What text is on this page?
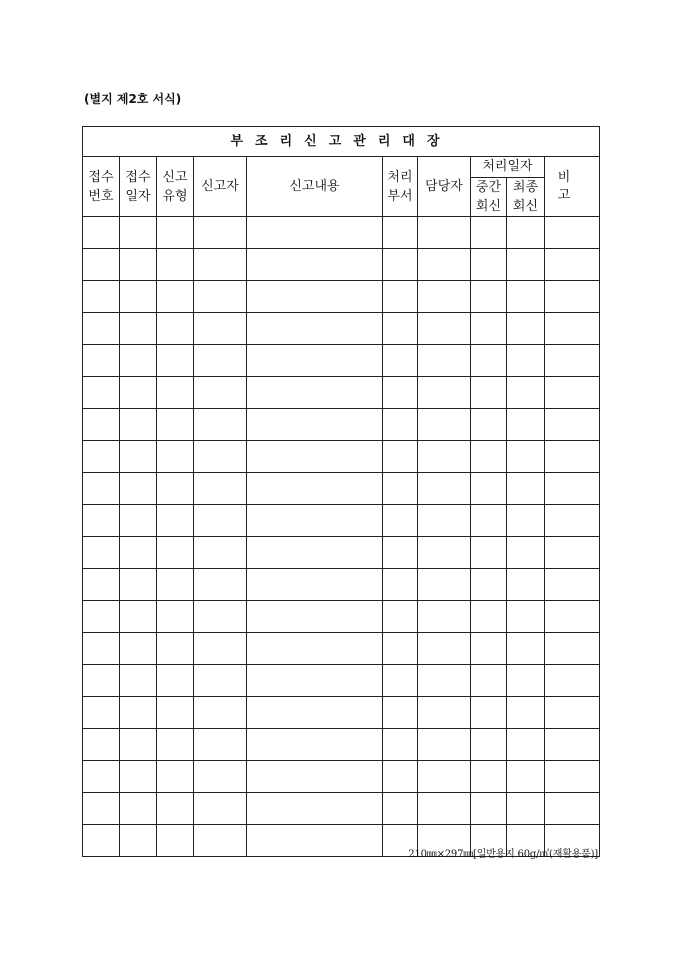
(별지 제2호 서식)
부조리신고관리대장									
접수 번호	접수 일자	신고 유형	신고자	신고내용	처리 부서	담당자	처리일자		비 고
							중간 회신	최종 회신	

210㎜×297㎜[일반용지 60g/㎡(재활용품)]
